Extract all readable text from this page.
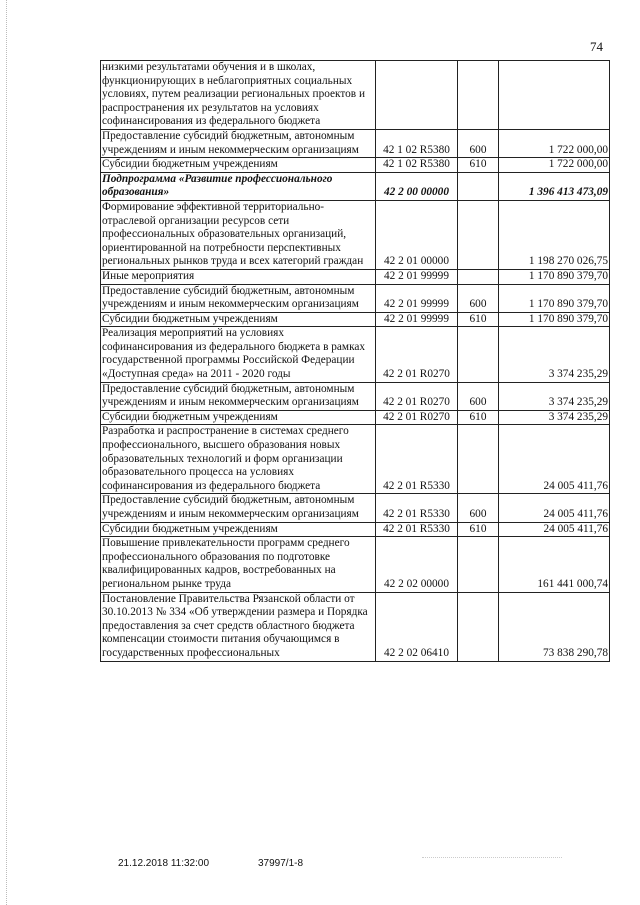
74
низкими результатами обучения и в школах, функционирующих в неблагоприятных социальных условиях, путем реализации региональных проектов и распространения их результатов на условиях софинансирования из федерального бюджета			
Предоставление субсидий бюджетным, автономным учреждениям и иным некоммерческим организациям	42 1 02 R5380	600	1 722 000,00
Субсидии бюджетным учреждениям	42 1 02 R5380	610	1 722 000,00
Подпрограмма «Развитие профессионального образования»	42 2 00 00000		1 396 413 473,09
Формирование эффективной территориально-отраслевой организации ресурсов сети профессиональных образовательных организаций, ориентированной на потребности перспективных региональных рынков труда и всех категорий граждан	42 2 01 00000		1 198 270 026,75
Иные мероприятия	42 2 01 99999		1 170 890 379,70
Предоставление субсидий бюджетным, автономным учреждениям и иным некоммерческим организациям	42 2 01 99999	600	1 170 890 379,70
Субсидии бюджетным учреждениям	42 2 01 99999	610	1 170 890 379,70
Реализация мероприятий на условиях софинансирования из федерального бюджета в рамках государственной программы Российской Федерации «Доступная среда» на 2011 - 2020 годы	42 2 01 R0270		3 374 235,29
Предоставление субсидий бюджетным, автономным учреждениям и иным некоммерческим организациям	42 2 01 R0270	600	3 374 235,29
Субсидии бюджетным учреждениям	42 2 01 R0270	610	3 374 235,29
Разработка и распространение в системах среднего профессионального, высшего образования новых образовательных технологий и форм организации образовательного процесса на условиях софинансирования из федерального бюджета	42 2 01 R5330		24 005 411,76
Предоставление субсидий бюджетным, автономным учреждениям и иным некоммерческим организациям	42 2 01 R5330	600	24 005 411,76
Субсидии бюджетным учреждениям	42 2 01 R5330	610	24 005 411,76
Повышение привлекательности программ среднего профессионального образования по подготовке квалифицированных кадров, востребованных на региональном рынке труда	42 2 02 00000		161 441 000,74
Постановление Правительства Рязанской области от 30.10.2013 № 334 «Об утверждении размера и Порядка предоставления за счет средств областного бюджета компенсации стоимости питания обучающимся в государственных профессиональных	42 2 02 06410		73 838 290,78
21.12.2018 11:32:00	37997/1-8
